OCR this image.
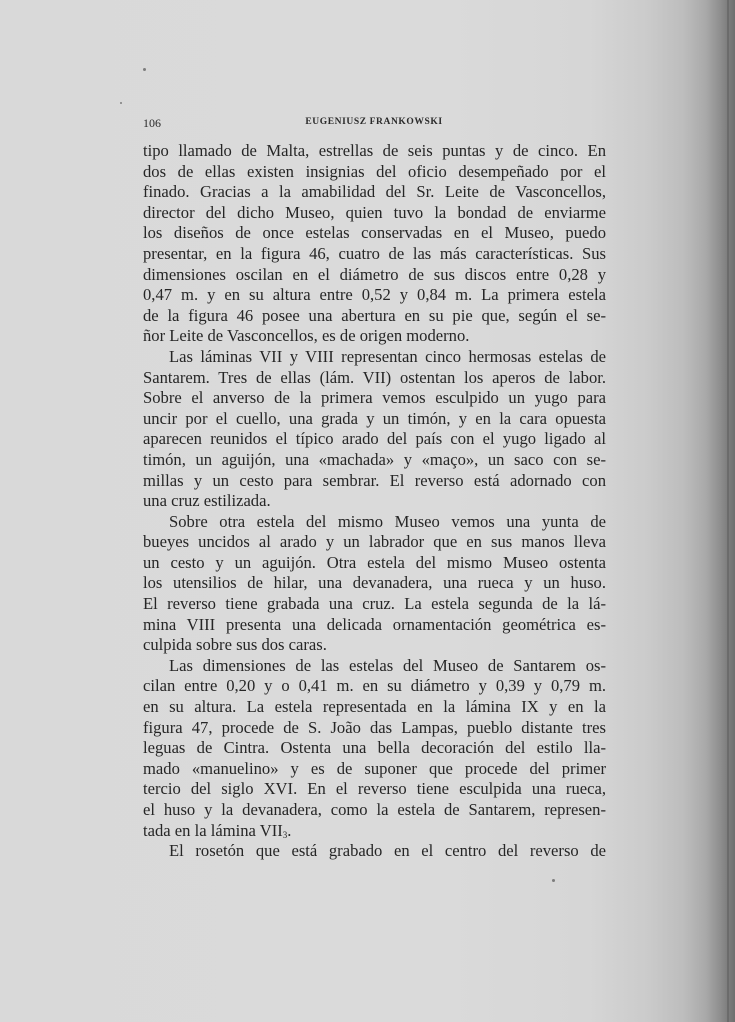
106	EUGENIUSZ FRANKOWSKI
tipo llamado de Malta, estrellas de seis puntas y de cinco. En
dos de ellas existen insignias del oficio desempeñado por el
finado. Gracias a la amabilidad del Sr. Leite de Vasconcellos,
director del dicho Museo, quien tuvo la bondad de enviarme
los diseños de once estelas conservadas en el Museo, puedo
presentar, en la figura 46, cuatro de las más características. Sus
dimensiones oscilan en el diámetro de sus discos entre 0,28 y
0,47 m. y en su altura entre 0,52 y 0,84 m. La primera estela
de la figura 46 posee una abertura en su pie que, según el se-
ñor Leite de Vasconcellos, es de origen moderno.
Las láminas VII y VIII representan cinco hermosas estelas de
Santarem. Tres de ellas (lám. VII) ostentan los aperos de labor.
Sobre el anverso de la primera vemos esculpido un yugo para
uncir por el cuello, una grada y un timón, y en la cara opuesta
aparecen reunidos el típico arado del país con el yugo ligado al
timón, un aguijón, una «machada» y «maço», un saco con se-
millas y un cesto para sembrar. El reverso está adornado con
una cruz estilizada.
Sobre otra estela del mismo Museo vemos una yunta de
bueyes uncidos al arado y un labrador que en sus manos lleva
un cesto y un aguijón. Otra estela del mismo Museo ostenta
los utensilios de hilar, una devanadera, una rueca y un huso.
El reverso tiene grabada una cruz. La estela segunda de la lá-
mina VIII presenta una delicada ornamentación geométrica es-
culpida sobre sus dos caras.
Las dimensiones de las estelas del Museo de Santarem os-
cilan entre 0,20 y o 0,41 m. en su diámetro y 0,39 y 0,79 m.
en su altura. La estela representada en la lámina IX y en la
figura 47, procede de S. João das Lampas, pueblo distante tres
leguas de Cintra. Ostenta una bella decoración del estilo lla-
mado «manuelino» y es de suponer que procede del primer
tercio del siglo XVI. En el reverso tiene esculpida una rueca,
el huso y la devanadera, como la estela de Santarem, represen-
tada en la lámina $VII_3$.
El rosetón que está grabado en el centro del reverso de
